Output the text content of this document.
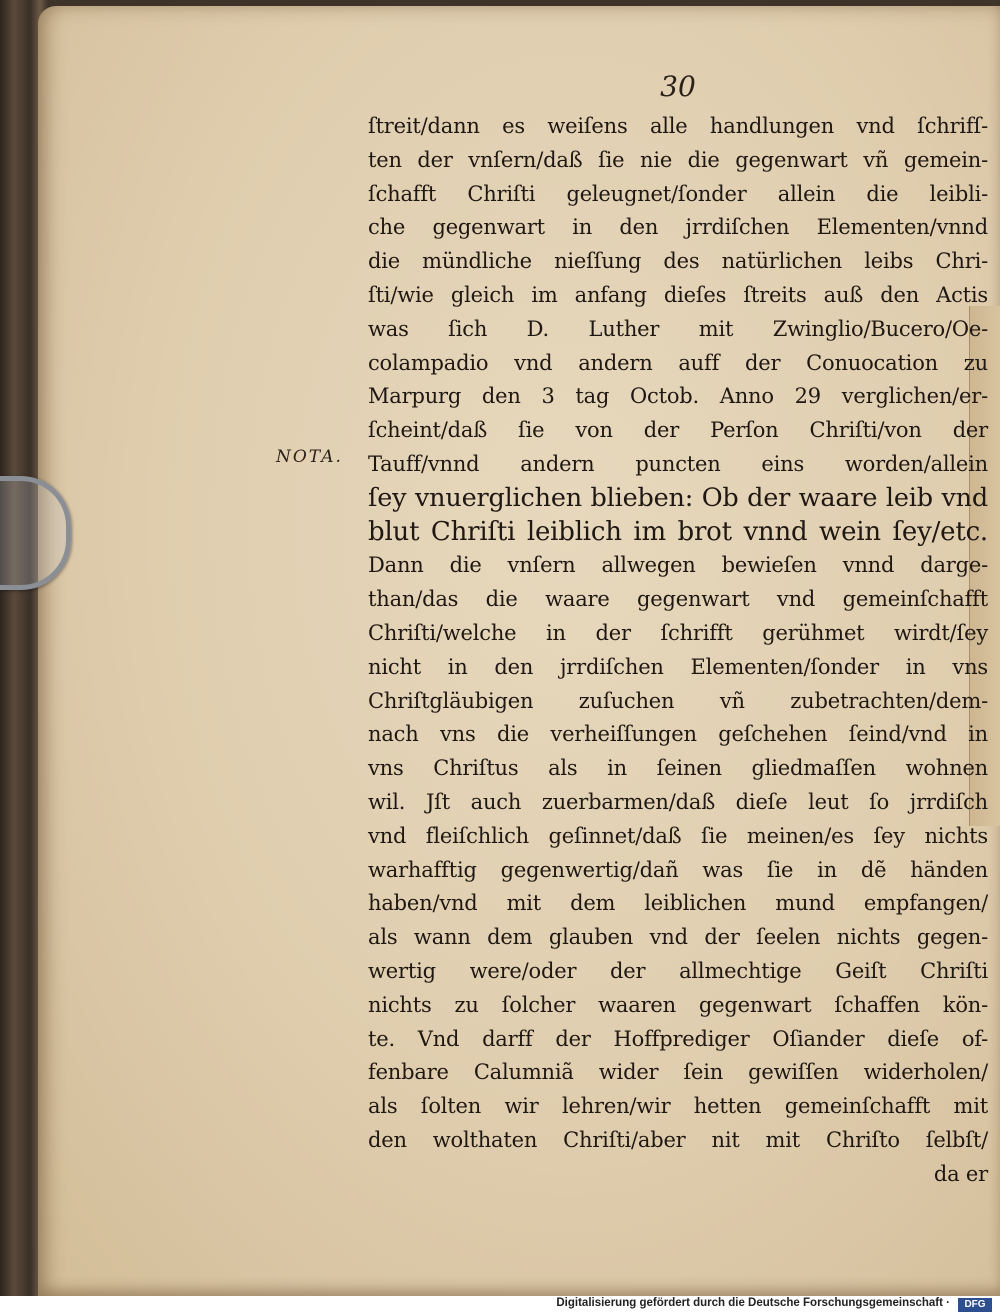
30
NOTA.
ſtreit/dann es weiſens alle handlungen vnd ſchrifſ-
ten der vnſern/daß ſie nie die gegenwart vñ gemein-
ſchafft Chriſti geleugnet/ſonder allein die leibli-
che gegenwart in den jrrdiſchen Elementen/vnnd
die mündliche nieſſung des natürlichen leibs Chri-
ſti/wie gleich im anfang dieſes ſtreits auß den Actis
was ſich D. Luther mit Zwinglio/Bucero/Oe-
colampadio vnd andern auff der Conuocation zu
Marpurg den 3 tag Octob. Anno 29 verglichen/er-
ſcheint/daß ſie von der Perſon Chriſti/von der
Tauff/vnnd andern puncten eins worden/allein
ſey vnuerglichen blieben: Ob der waare leib vnd
blut Chriſti leiblich im brot vnnd wein ſey/etc.
Dann die vnſern allwegen bewieſen vnnd darge-
than/das die waare gegenwart vnd gemeinſchafft
Chriſti/welche in der ſchrifft gerühmet wirdt/ſey
nicht in den jrrdiſchen Elementen/ſonder in vns
Chriſtgläubigen zuſuchen vñ zubetrachten/dem-
nach vns die verheiſſungen geſchehen ſeind/vnd in
vns Chriſtus als in ſeinen gliedmaſſen wohnen
wil. Jſt auch zuerbarmen/daß dieſe leut ſo jrrdiſch
vnd fleiſchlich geſinnet/daß ſie meinen/es ſey nichts
warhafftig gegenwertig/dañ was ſie in dẽ händen
haben/vnd mit dem leiblichen mund empfangen/
als wann dem glauben vnd der ſeelen nichts gegen-
wertig were/oder der allmechtige Geiſt Chriſti
nichts zu ſolcher waaren gegenwart ſchaffen kön-
te. Vnd darff der Hoffprediger Oſiander dieſe of-
fenbare Calumniã wider ſein gewiſſen widerholen/
als ſolten wir lehren/wir hetten gemeinſchafft mit
den wolthaten Chriſti/aber nit mit Chriſto ſelbſt/
da er
Digitalisierung gefördert durch die Deutsche Forschungsgemeinschaft ·	DFG
